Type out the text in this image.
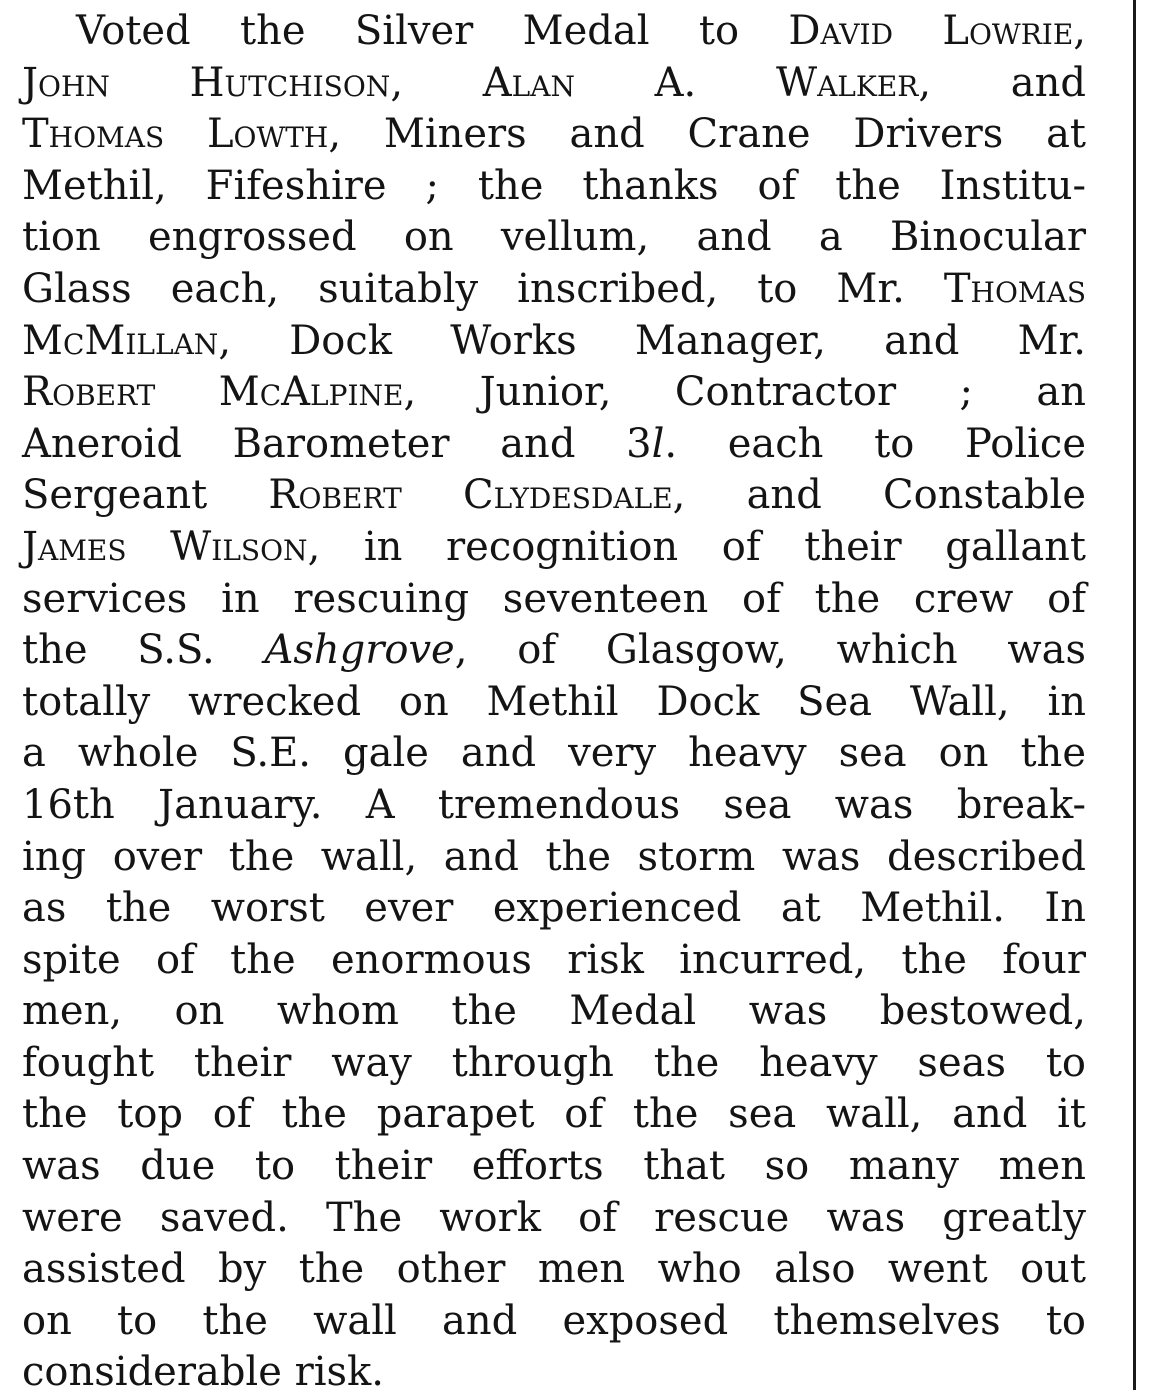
Voted the Silver Medal to David Lowrie,
John Hutchison, Alan A. Walker, and
Thomas Lowth, Miners and Crane Drivers at
Methil, Fifeshire ; the thanks of the Institu-
tion engrossed on vellum, and a Binocular
Glass each, suitably inscribed, to Mr. Thomas
McMillan, Dock Works Manager, and Mr.
Robert McAlpine, Junior, Contractor ; an
Aneroid Barometer and 3l. each to Police
Sergeant Robert Clydesdale, and Constable
James Wilson, in recognition of their gallant
services in rescuing seventeen of the crew of
the S.S. Ashgrove, of Glasgow, which was
totally wrecked on Methil Dock Sea Wall, in
a whole S.E. gale and very heavy sea on the
16th January. A tremendous sea was break-
ing over the wall, and the storm was described
as the worst ever experienced at Methil. In
spite of the enormous risk incurred, the four
men, on whom the Medal was bestowed,
fought their way through the heavy seas to
the top of the parapet of the sea wall, and it
was due to their efforts that so many men
were saved. The work of rescue was greatly
assisted by the other men who also went out
on to the wall and exposed themselves to
considerable risk.
